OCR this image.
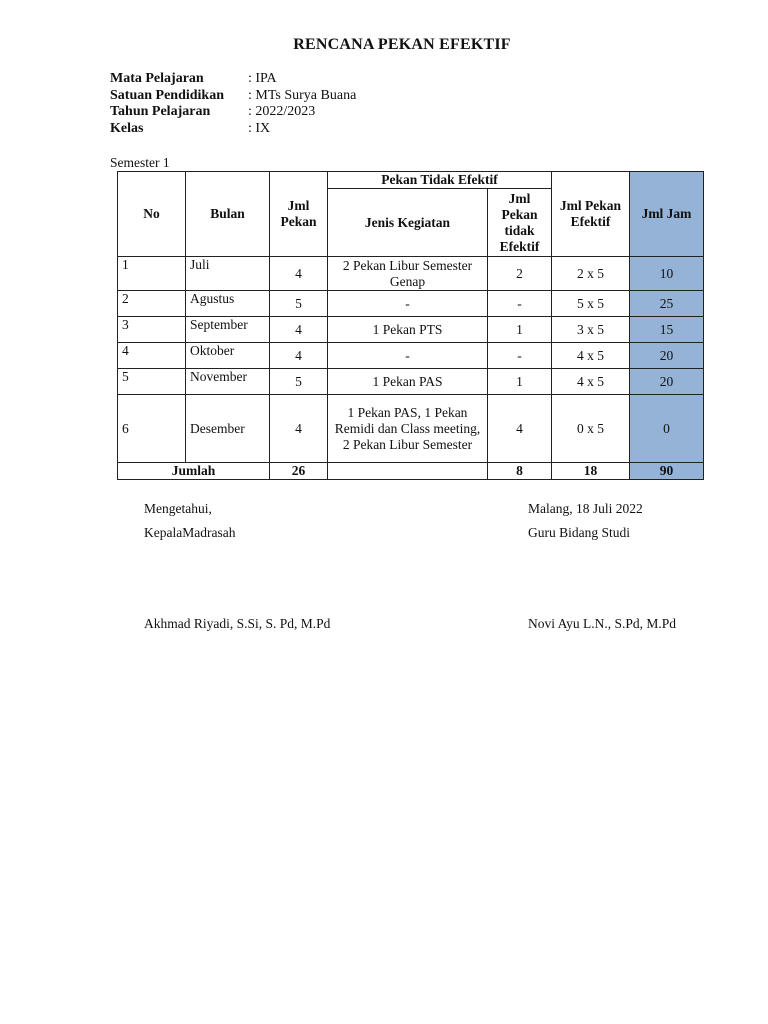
RENCANA PEKAN EFEKTIF
Mata Pelajaran	: IPA
Satuan Pendidikan	: MTs Surya Buana
Tahun Pelajaran	: 2022/2023
Kelas	: IX
Semester 1
No	Bulan	Jml Pekan	Pekan Tidak Efektif		Jml Pekan Efektif	Jml Jam
			Jenis Kegiatan	Jml Pekan tidak Efektif		
1	Juli	4	2 Pekan Libur Semester Genap	2	2 x 5	10
2	Agustus	5	-	-	5 x 5	25
3	September	4	1 Pekan PTS	1	3 x 5	15
4	Oktober	4	-	-	4 x 5	20
5	November	5	1 Pekan PAS	1	4 x 5	20
6	Desember	4	1 Pekan PAS, 1 Pekan Remidi dan Class meeting, 2 Pekan Libur Semester	4	0 x 5	0
Jumlah		26		8	18	90
Mengetahui,
KepalaMadrasah
Malang, 18 Juli 2022
Guru Bidang Studi
Akhmad Riyadi, S.Si, S. Pd, M.Pd	Novi Ayu L.N., S.Pd, M.Pd
